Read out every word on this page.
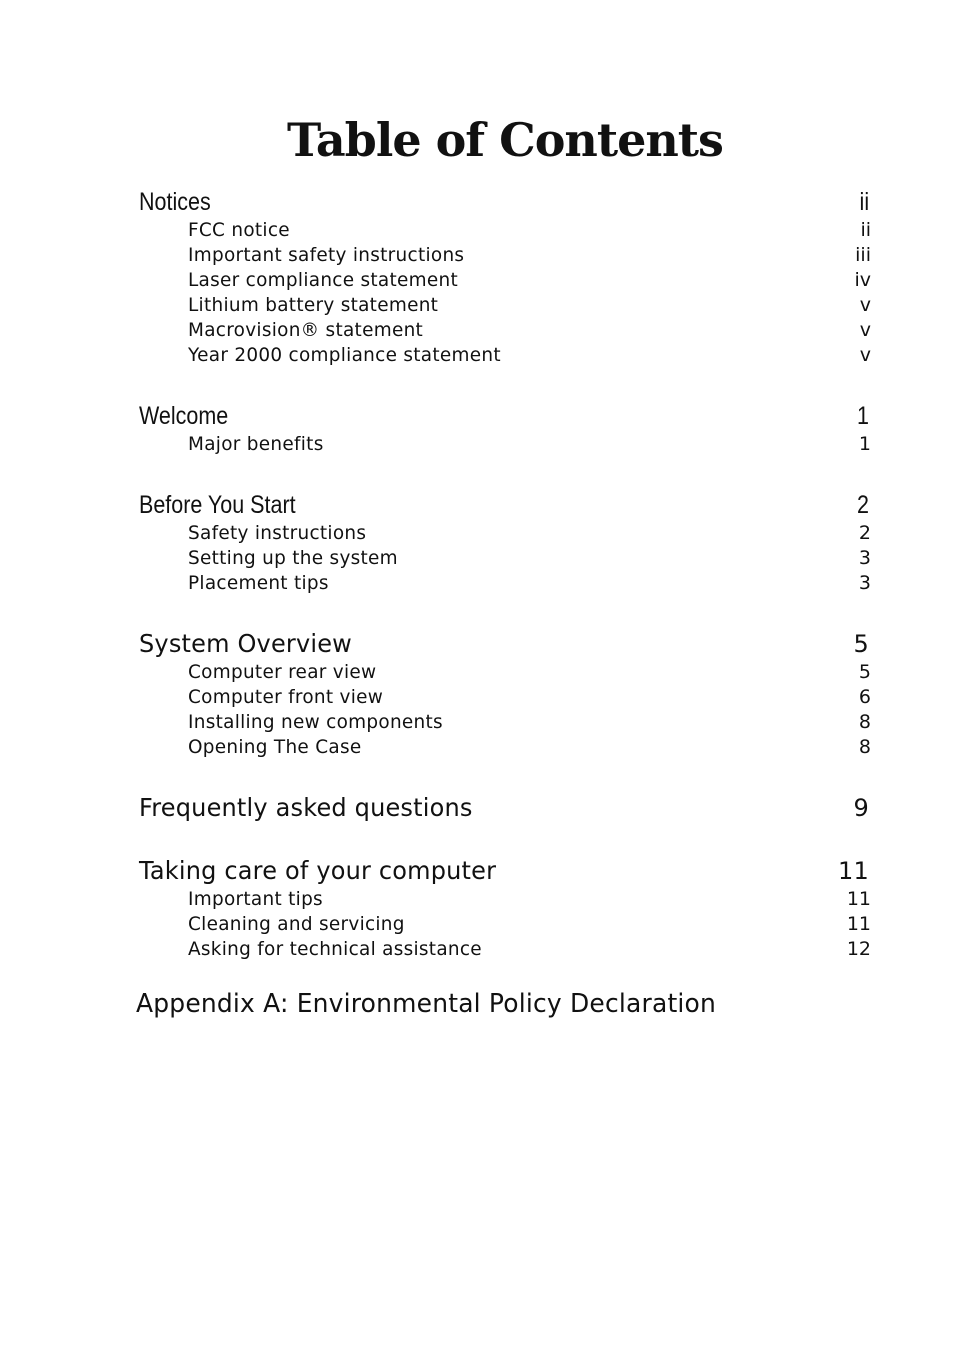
Table of Contents
Notices	ii
FCC notice	ii
Important safety instructions	iii
Laser compliance statement	iv
Lithium battery statement	v
Macrovision® statement	v
Year 2000 compliance statement	v
Welcome	1
Major benefits	1
Before You Start	2
Safety instructions	2
Setting up the system	3
Placement tips	3
System Overview	5
Computer rear view	5
Computer front view	6
Installing new components	8
Opening The Case	8
Frequently asked questions	9
Taking care of your computer	11
Important tips	11
Cleaning and servicing	11
Asking for technical assistance	12
Appendix A: Environmental Policy Declaration
